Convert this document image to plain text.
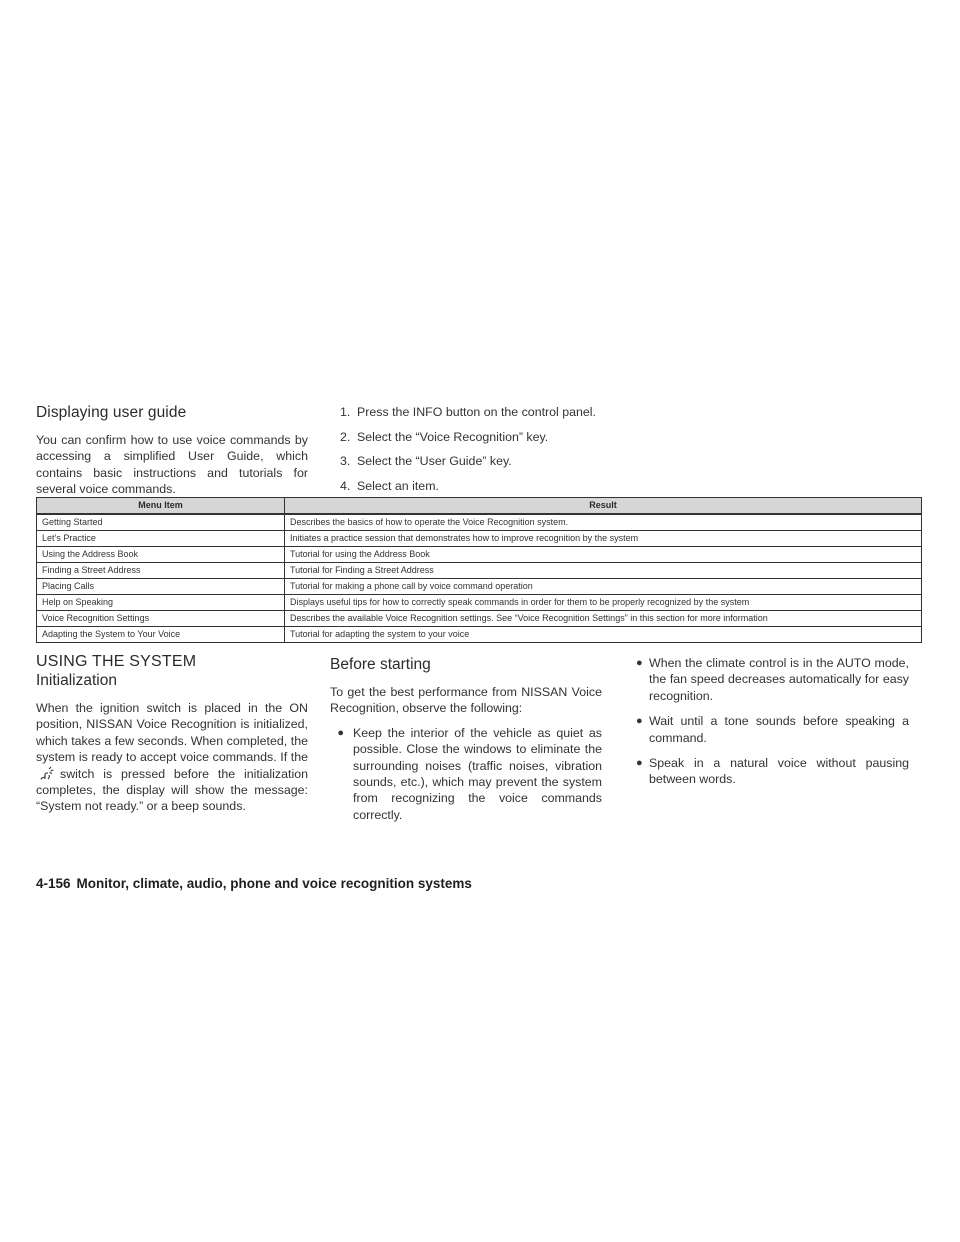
Displaying user guide

You can confirm how to use voice commands by accessing a simplified User Guide, which contains basic instructions and tutorials for several voice commands.

1. Press the INFO button on the control panel.
2. Select the “Voice Recognition” key.
3. Select the “User Guide” key.
4. Select an item.
Menu Item	Result
Getting Started	Describes the basics of how to operate the Voice Recognition system.
Let’s Practice	Initiates a practice session that demonstrates how to improve recognition by the system
Using the Address Book	Tutorial for using the Address Book
Finding a Street Address	Tutorial for Finding a Street Address
Placing Calls	Tutorial for making a phone call by voice command operation
Help on Speaking	Displays useful tips for how to correctly speak commands in order for them to be properly recognized by the system
Voice Recognition Settings	Describes the available Voice Recognition settings. See “Voice Recognition Settings” in this section for more information
Adapting the System to Your Voice	Tutorial for adapting the system to your voice
USING THE SYSTEM
Initialization

When the ignition switch is placed in the ON position, NISSAN Voice Recognition is initialized, which takes a few seconds. When completed, the system is ready to accept voice commands. If theswitch is pressed before the initialization completes, the display will show the message: “System not ready.” or a beep sounds.

Before starting

To get the best performance from NISSAN Voice Recognition, observe the following:

● Keep the interior of the vehicle as quiet as possible. Close the windows to eliminate the surrounding noises (traffic noises, vibration sounds, etc.), which may prevent the system from recognizing the voice commands correctly.
● When the climate control is in the AUTO mode, the fan speed decreases automatically for easy recognition.
● Wait until a tone sounds before speaking a command.
● Speak in a natural voice without pausing between words.
4-156 Monitor, climate, audio, phone and voice recognition systems
